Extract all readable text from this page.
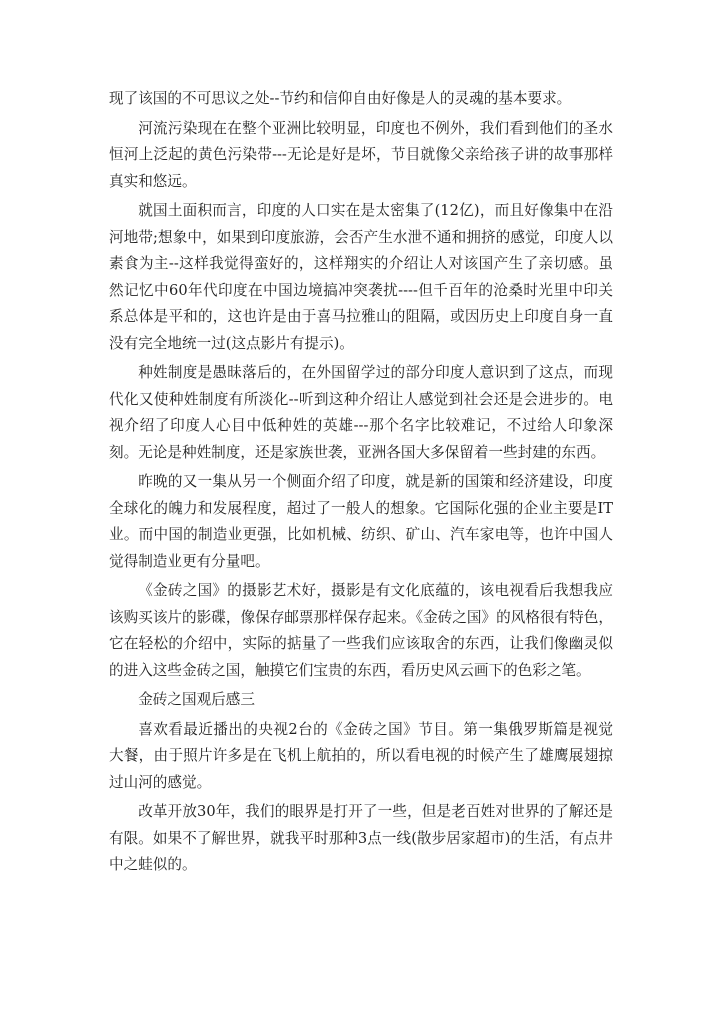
现了该国的不可思议之处--节约和信仰自由好像是人的灵魂的基本要求。

河流污染现在在整个亚洲比较明显，印度也不例外，我们看到他们的圣水恒河上泛起的黄色污染带---无论是好是坏，节目就像父亲给孩子讲的故事那样真实和悠远。

就国土面积而言，印度的人口实在是太密集了(12亿)，而且好像集中在沿河地带;想象中，如果到印度旅游，会否产生水泄不通和拥挤的感觉，印度人以素食为主--这样我觉得蛮好的，这样翔实的介绍让人对该国产生了亲切感。虽然记忆中60年代印度在中国边境搞冲突袭扰----但千百年的沧桑时光里中印关系总体是平和的，这也许是由于喜马拉雅山的阻隔，或因历史上印度自身一直没有完全地统一过(这点影片有提示)。

种姓制度是愚昧落后的，在外国留学过的部分印度人意识到了这点，而现代化又使种姓制度有所淡化--听到这种介绍让人感觉到社会还是会进步的。电视介绍了印度人心目中低种姓的英雄---那个名字比较难记，不过给人印象深刻。无论是种姓制度，还是家族世袭，亚洲各国大多保留着一些封建的东西。

昨晚的又一集从另一个侧面介绍了印度，就是新的国策和经济建设，印度全球化的魄力和发展程度，超过了一般人的想象。它国际化强的企业主要是IT业。而中国的制造业更强，比如机械、纺织、矿山、汽车家电等，也许中国人觉得制造业更有分量吧。

《金砖之国》的摄影艺术好，摄影是有文化底蕴的，该电视看后我想我应该购买该片的影碟，像保存邮票那样保存起来。《金砖之国》的风格很有特色，它在轻松的介绍中，实际的掂量了一些我们应该取舍的东西，让我们像幽灵似的进入这些金砖之国，触摸它们宝贵的东西，看历史风云画下的色彩之笔。

金砖之国观后感三

喜欢看最近播出的央视2台的《金砖之国》节目。第一集俄罗斯篇是视觉大餐，由于照片许多是在飞机上航拍的，所以看电视的时候产生了雄鹰展翅掠过山河的感觉。

改革开放30年，我们的眼界是打开了一些，但是老百姓对世界的了解还是有限。如果不了解世界，就我平时那种3点一线(散步居家超市)的生活，有点井中之蛙似的。
